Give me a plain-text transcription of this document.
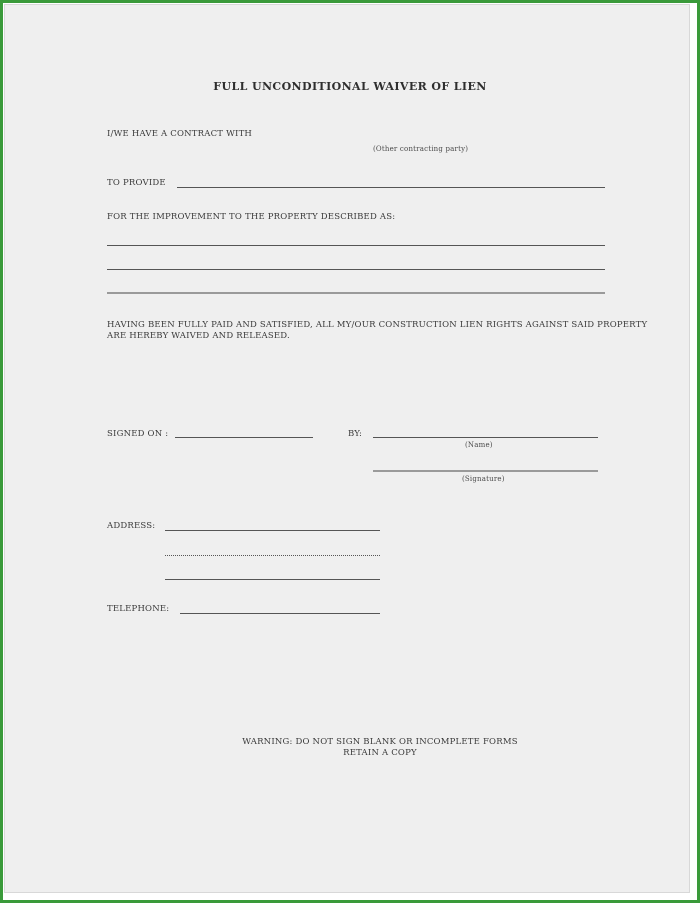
FULL UNCONDITIONAL WAIVER OF LIEN
I/WE HAVE A CONTRACT WITH
(Other contracting party)
TO PROVIDE
FOR THE IMPROVEMENT TO THE PROPERTY DESCRIBED AS:
HAVING BEEN FULLY PAID AND SATISFIED, ALL MY/OUR CONSTRUCTION LIEN RIGHTS AGAINST SAID PROPERTY ARE HEREBY WAIVED AND RELEASED.
SIGNED ON :	BY:
(Name)
(Signature)
ADDRESS:
TELEPHONE:
WARNING: DO NOT SIGN BLANK OR INCOMPLETE FORMS
RETAIN A COPY
